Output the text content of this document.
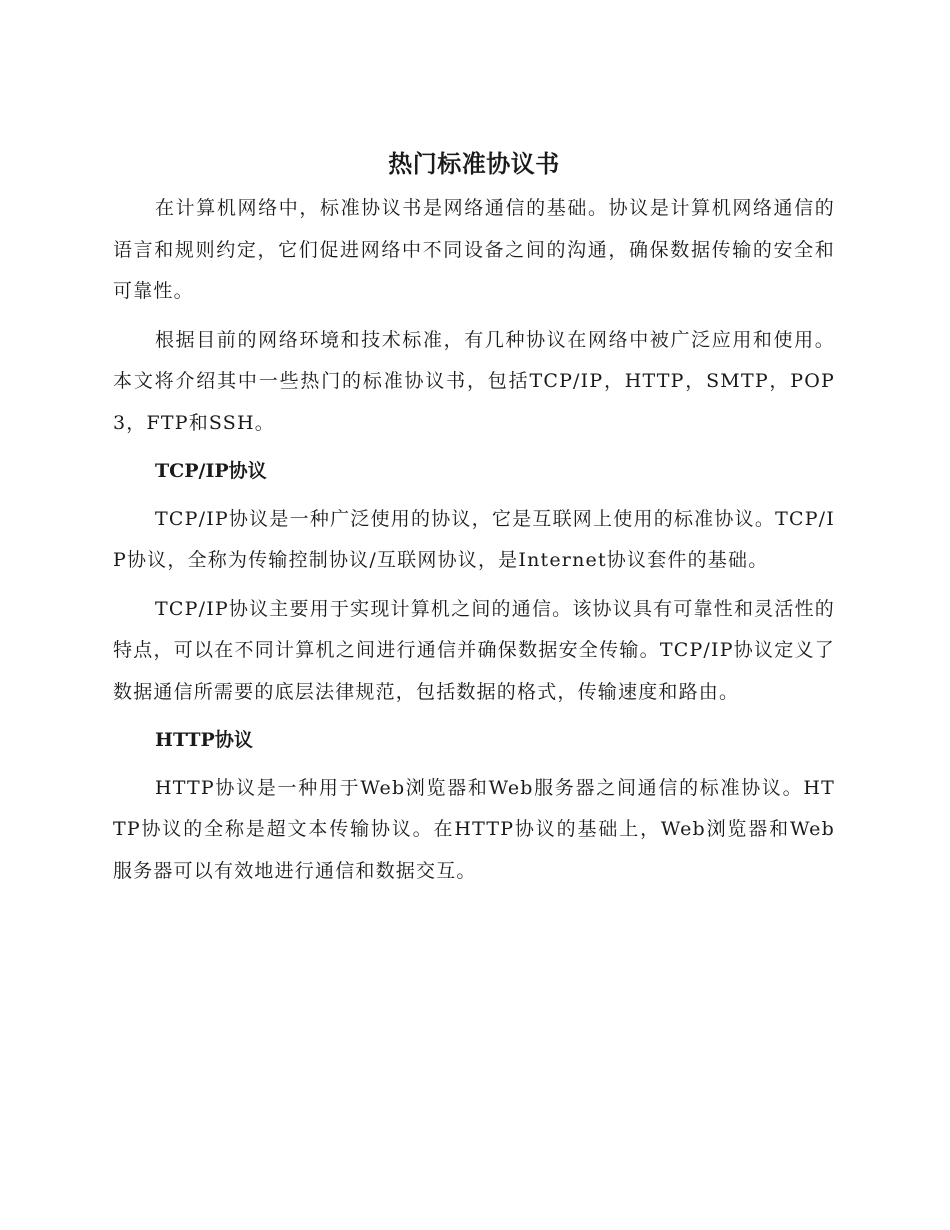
热门标准协议书

在计算机网络中，标准协议书是网络通信的基础。协议是计算机网络通信的语言和规则约定，它们促进网络中不同设备之间的沟通，确保数据传输的安全和可靠性。

根据目前的网络环境和技术标准，有几种协议在网络中被广泛应用和使用。本文将介绍其中一些热门的标准协议书，包括TCP/IP，HTTP，SMTP，POP3，FTP和SSH。

TCP/IP协议

TCP/IP协议是一种广泛使用的协议，它是互联网上使用的标准协议。TCP/IP协议，全称为传输控制协议/互联网协议，是Internet协议套件的基础。

TCP/IP协议主要用于实现计算机之间的通信。该协议具有可靠性和灵活性的特点，可以在不同计算机之间进行通信并确保数据安全传输。TCP/IP协议定义了数据通信所需要的底层法律规范，包括数据的格式，传输速度和路由。

HTTP协议

HTTP协议是一种用于Web浏览器和Web服务器之间通信的标准协议。HTTP协议的全称是超文本传输协议。在HTTP协议的基础上，Web浏览器和Web服务器可以有效地进行通信和数据交互。
